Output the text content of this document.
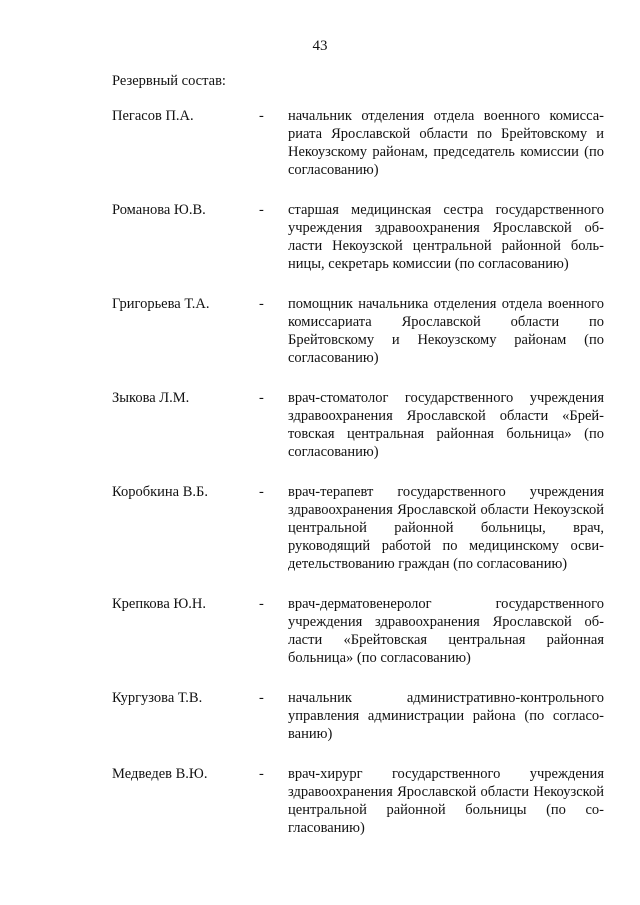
43
Резервный состав:
Пегасов П.А.	- начальник отделения отдела военного комиссариата Ярославской области по Брейтовскому и Некоузскому районам, председатель комиссии (по согласованию)
Романова Ю.В.	- старшая медицинская сестра государственного учреждения здравоохранения Ярославской области Некоузской центральной районной больницы, секретарь комиссии (по согласованию)
Григорьева Т.А.	- помощник начальника отделения отдела военного комиссариата Ярославской области по Брейтовскому и Некоузскому районам (по согласованию)
Зыкова Л.М.	- врач-стоматолог государственного учреждения здравоохранения Ярославской области «Брейтовская центральная районная больница» (по согласованию)
Коробкина В.Б.	- врач-терапевт государственного учреждения здравоохранения Ярославской области Некоузской центральной районной больницы, врач, руководящий работой по медицинскому освидетельствованию граждан (по согласованию)
Крепкова Ю.Н.	- врач-дерматовенеролог государственного учреждения здравоохранения Ярославской области «Брейтовская центральная районная больница» (по согласованию)
Кургузова Т.В.	- начальник административно-контрольного управления администрации района (по согласованию)
Медведев В.Ю.	- врач-хирург государственного учреждения здравоохранения Ярославской области Некоузской центральной районной больницы (по согласованию)
